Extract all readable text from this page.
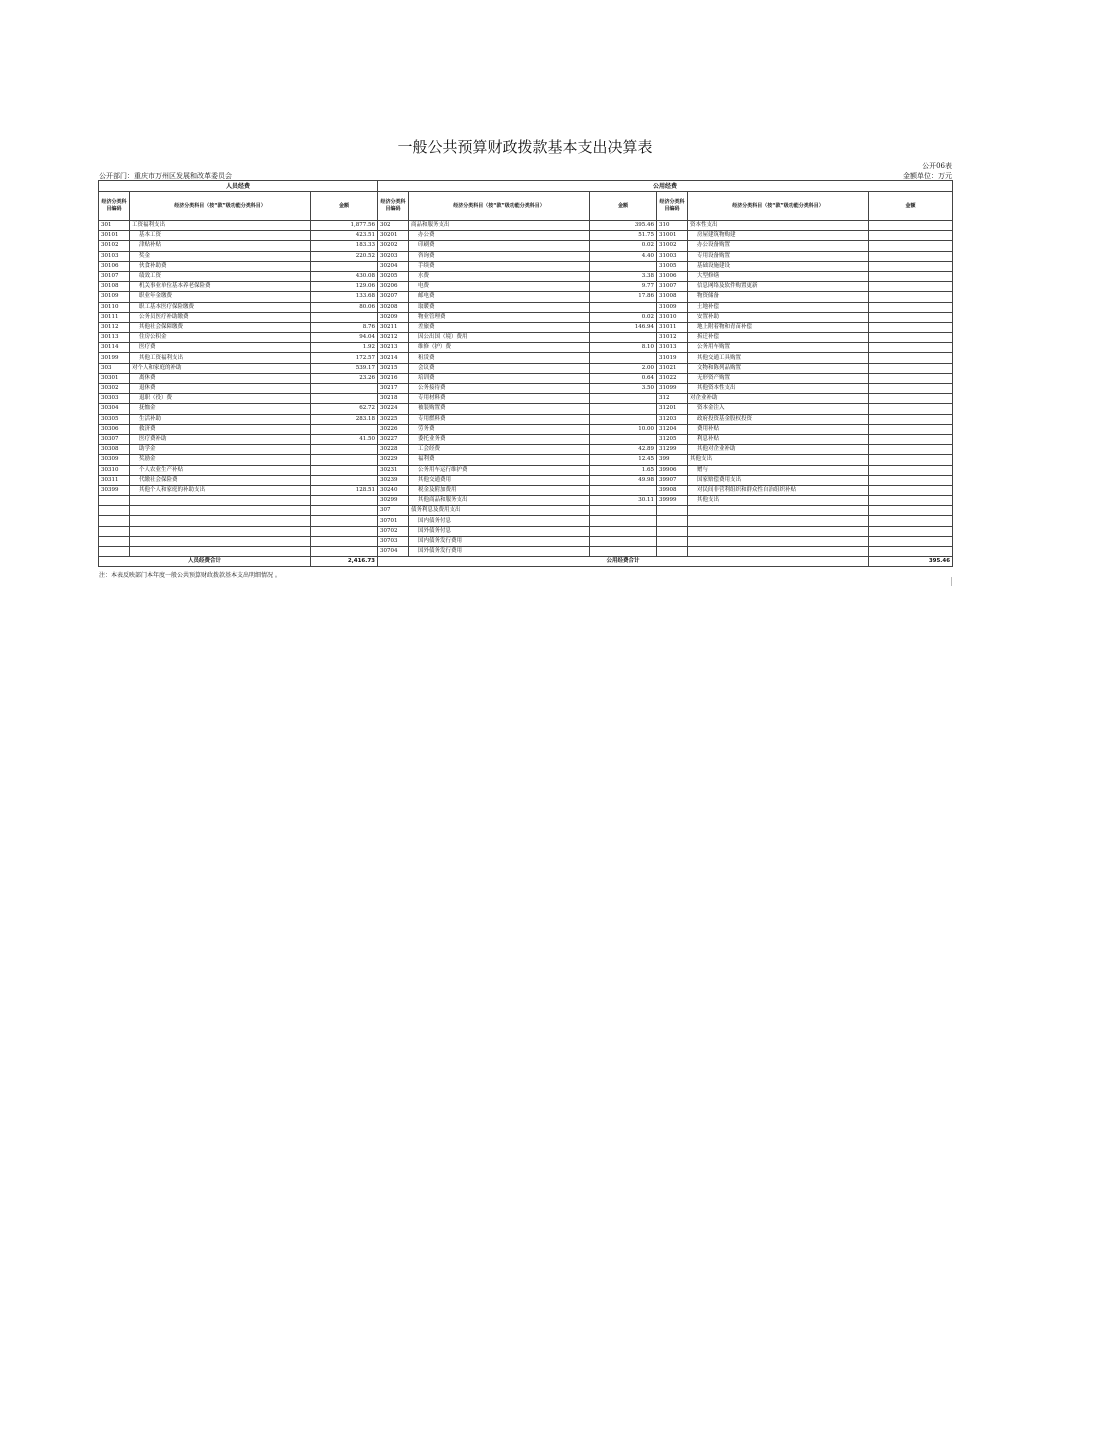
一般公共预算财政拨款基本支出决算表
公开06表
公开部门：重庆市万州区发展和改革委员会	金额单位：万元
人员经费			公用经费					
经济分类科目编码	经济分类科目（按“款”级功能分类科目）	金额	经济分类科目编码	经济分类科目（按“款”级功能分类科目）	金额	经济分类科目编码	经济分类科目（按“款”级功能分类科目）	金额
301	工资福利支出	1,877.56	302	商品和服务支出	395.46	310	资本性支出	
30101	基本工资	423.51	30201	办公费	51.75	31001	房屋建筑物购建	
30102	津贴补贴	183.33	30202	印刷费	0.02	31002	办公设备购置	
30103	奖金	220.52	30203	咨询费	4.40	31003	专用设备购置	
30106	伙食补助费		30204	手续费		31005	基础设施建设	
30107	绩效工资	430.08	30205	水费	3.38	31006	大型修缮	
30108	机关事业单位基本养老保险费	129.06	30206	电费	9.77	31007	信息网络及软件购置更新	
30109	职业年金缴费	133.68	30207	邮电费	17.86	31008	物资储备	
30110	职工基本医疗保险缴费	80.06	30208	取暖费		31009	土地补偿	
30111	公务员医疗补助缴费		30209	物业管理费	0.02	31010	安置补助	
30112	其他社会保障缴费	8.76	30211	差旅费	146.94	31011	地上附着物和青苗补偿	
30113	住房公积金	94.04	30212	因公出国（境）费用		31012	拆迁补偿	
30114	医疗费	1.92	30213	维修（护）费	8.10	31013	公务用车购置	
30199	其他工资福利支出	172.57	30214	租赁费		31019	其他交通工具购置	
303	对个人和家庭的补助	539.17	30215	会议费	2.00	31021	文物和陈列品购置	
30301	离休费	23.26	30216	培训费	0.64	31022	无形资产购置	
30302	退休费		30217	公务接待费	3.50	31099	其他资本性支出	
30303	退职（役）费		30218	专用材料费		312	对企业补助	
30304	抚恤金	62.72	30224	被装购置费		31201	资本金注入	
30305	生活补助	283.18	30225	专用燃料费		31203	政府投资基金股权投资	
30306	救济费		30226	劳务费	10.00	31204	费用补贴	
30307	医疗费补助	41.50	30227	委托业务费		31205	利息补贴	
30308	助学金		30228	工会经费	42.89	31299	其他对企业补助	
30309	奖励金		30229	福利费	12.45	399	其他支出	
30310	个人农业生产补贴		30231	公务用车运行维护费	1.65	39906	赠与	
30311	代缴社会保险费		30239	其他交通费用	49.98	39907	国家赔偿费用支出	
30399	其他个人和家庭的补助支出	128.51	30240	税金及附加费用		39908	对民间非营利组织和群众性自治组织补贴	
			30299	其他商品和服务支出	30.11	39999	其他支出	
			307	债务利息及费用支出				
			30701	国内债务付息				
			30702	国外债务付息				
			30703	国内债务发行费用				
			30704	国外债务发行费用				
人员经费合计		2,416.73	公用经费合计					395.46
注：本表反映部门本年度一般公共预算财政拨款基本支出明细情况 。
